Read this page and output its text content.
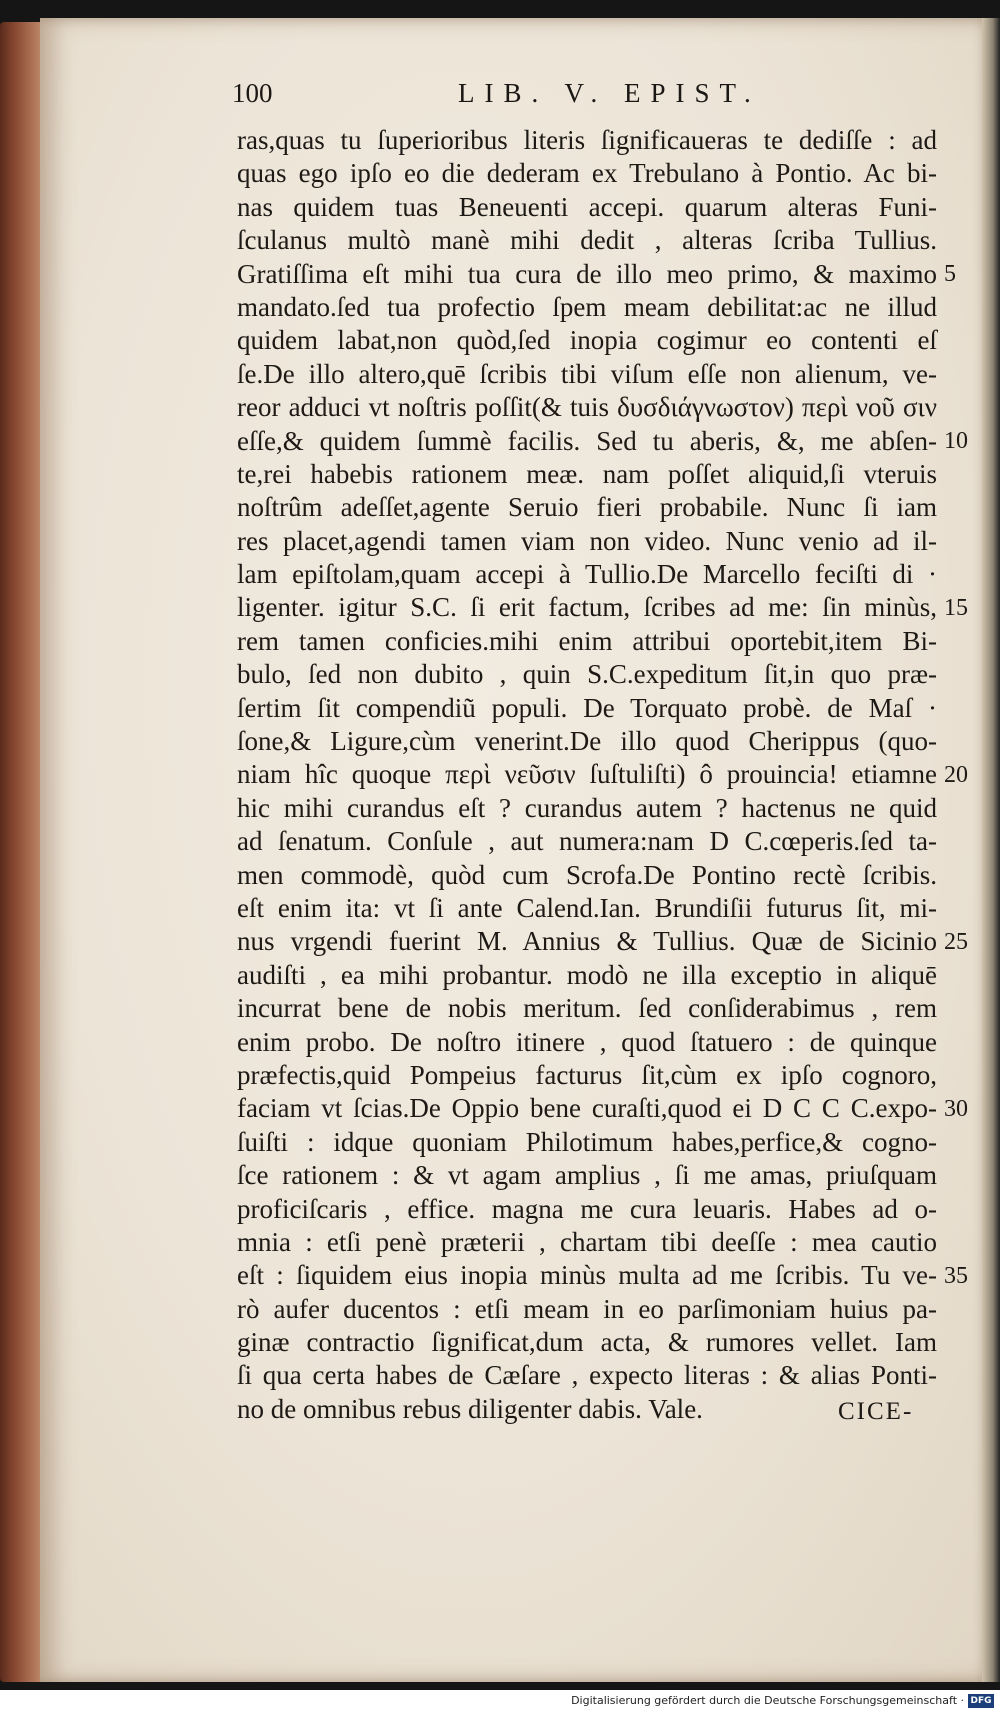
100	LIB. V. EPIST.
ras,quas tu ſuperioribus literis ſignificaueras te dediſſe : ad
quas ego ipſo eo die dederam ex Trebulano à Pontio. Ac bi-
nas quidem tuas Beneuenti accepi. quarum alteras Funi-
ſculanus multò manè mihi dedit , alteras ſcriba Tullius.
Gratiſſima eſt mihi tua cura de illo meo primo, & maximo
mandato.ſed tua profectio ſpem meam debilitat:ac ne illud
quidem labat,non quòd,ſed inopia cogimur eo contenti eſ
ſe.De illo altero,quē ſcribis tibi viſum eſſe non alienum, ve-
reor adduci vt noſtris poſſit(& tuis δυσδιάγνωστον) περὶ νοῦ σιν
eſſe,& quidem ſummè facilis. Sed tu aberis, &, me abſen-
te,rei habebis rationem meæ. nam poſſet aliquid,ſi vteruis
noſtrûm adeſſet,agente Seruio fieri probabile. Nunc ſi iam
res placet,agendi tamen viam non video. Nunc venio ad il-
lam epiſtolam,quam accepi à Tullio.De Marcello feciſti di ·
ligenter. igitur S.C. ſi erit factum, ſcribes ad me: ſin minùs,
rem tamen conficies.mihi enim attribui oportebit,item Bi-
bulo, ſed non dubito , quin S.C.expeditum ſit,in quo præ-
ſertim ſit compendiũ populi. De Torquato probè. de Maſ ·
ſone,& Ligure,cùm venerint.De illo quod Cherippus (quo-
niam hîc quoque περὶ νεῦσιν ſuſtuliſti) ô prouincia! etiamne
hic mihi curandus eſt ? curandus autem ? hactenus ne quid
ad ſenatum. Conſule , aut numera:nam D C.cœperis.ſed ta-
men commodè, quòd cum Scrofa.De Pontino rectè ſcribis.
eſt enim ita: vt ſi ante Calend.Ian. Brundiſii futurus ſit, mi-
nus vrgendi fuerint M. Annius & Tullius. Quæ de Sicinio
audiſti , ea mihi probantur. modò ne illa exceptio in aliquē
incurrat bene de nobis meritum. ſed conſiderabimus , rem
enim probo. De noſtro itinere , quod ſtatuero : de quinque
præfectis,quid Pompeius facturus ſit,cùm ex ipſo cognoro,
faciam vt ſcias.De Oppio bene curaſti,quod ei D C C C.expo-
ſuiſti : idque quoniam Philotimum habes,perfice,& cogno-
ſce rationem : & vt agam amplius , ſi me amas, priuſquam
proficiſcaris , effice. magna me cura leuaris. Habes ad o-
mnia : etſi penè præterii , chartam tibi deeſſe : mea cautio
eſt : ſiquidem eius inopia minùs multa ad me ſcribis. Tu ve-
rò aufer ducentos : etſi meam in eo parſimoniam huius pa-
ginæ contractio ſignificat,dum acta, & rumores vellet. Iam
ſi qua certa habes de Cæſare , expecto literas : & alias Ponti-
no de omnibus rebus diligenter dabis. Vale.
5
10
15
20
25
30
35
CICE-
Digitalisierung gefördert durch die Deutsche Forschungsgemeinschaft · DFG
